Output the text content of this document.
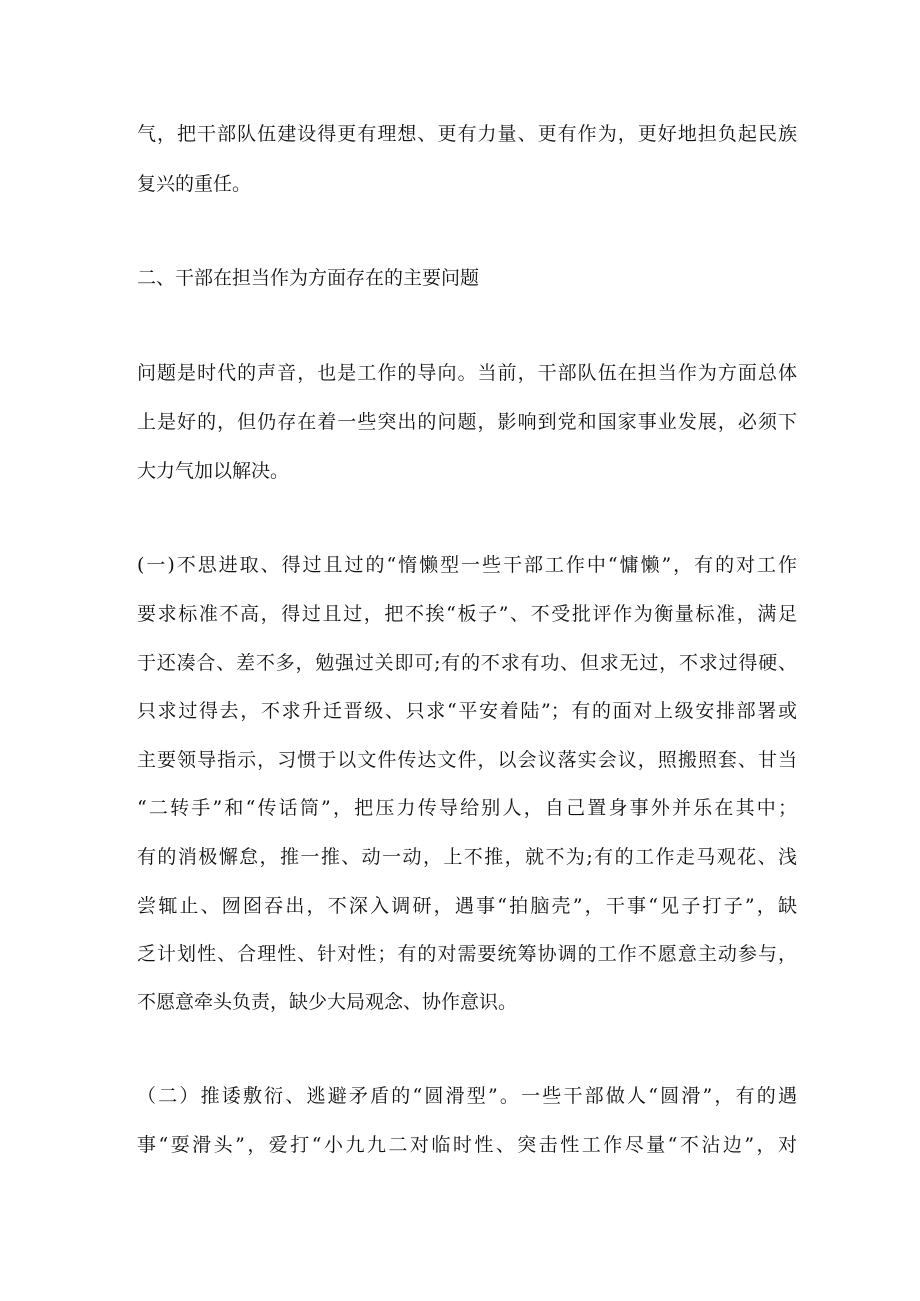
气，把干部队伍建设得更有理想、更有力量、更有作为，更好地担负起民族
复兴的重任。
二、干部在担当作为方面存在的主要问题
问题是时代的声音，也是工作的导向。当前，干部队伍在担当作为方面总体
上是好的，但仍存在着一些突出的问题，影响到党和国家事业发展，必须下
大力气加以解决。
(一)不思进取、得过且过的“惰懒型一些干部工作中“慵懒”，有的对工作
要求标准不高，得过且过，把不挨“板子”、不受批评作为衡量标准，满足
于还凑合、差不多，勉强过关即可;有的不求有功、但求无过，不求过得硬、
只求过得去，不求升迁晋级、只求“平安着陆”；有的面对上级安排部署或
主要领导指示，习惯于以文件传达文件，以会议落实会议，照搬照套、甘当
“二转手”和“传话筒”，把压力传导给别人，自己置身事外并乐在其中；
有的消极懈怠，推一推、动一动，上不推，就不为;有的工作走马观花、浅
尝辄止、囫囵吞出，不深入调研，遇事“拍脑壳”，干事“见子打子”，缺
乏计划性、合理性、针对性；有的对需要统筹协调的工作不愿意主动参与，
不愿意牵头负责，缺少大局观念、协作意识。
（二）推诿敷衍、逃避矛盾的“圆滑型”。一些干部做人“圆滑”，有的遇
事“耍滑头”，爱打“小九九二对临时性、突击性工作尽量“不沾边”，对
